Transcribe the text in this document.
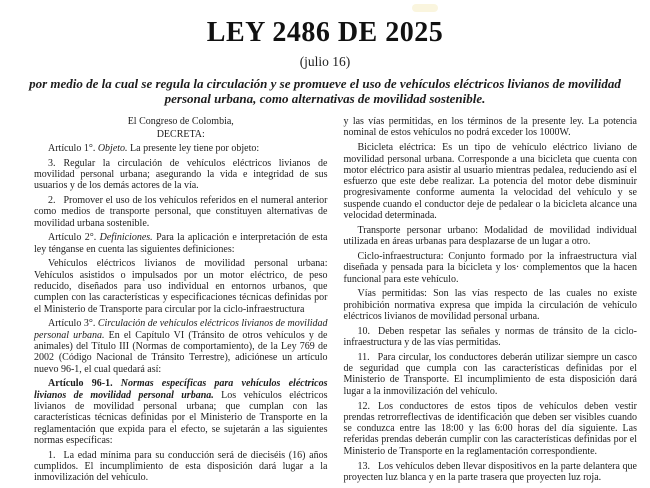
LEY 2486 DE 2025
(julio 16)
por medio de la cual se regula la circulación y se promueve el uso de vehículos eléctricos livianos de movilidad personal urbana, como alternativas de movilidad sostenible.

El Congreso de Colombia,

DECRETA:

Artículo 1°. Objeto. La presente ley tiene por objeto:

3. Regular la circulación de vehículos eléctricos livianos de movilidad personal urbana; asegurando la vida e integridad de sus usuarios y de los demás actores de la vía.

2. Promover el uso de los vehículos referidos en el numeral anterior como medios de transporte personal, que constituyen alternativas de movilidad urbana sostenible.

Artículo 2°. Definiciones. Para la aplicación e interpretación de esta ley ténganse en cuenta las siguientes definiciones:

Vehículos eléctricos livianos de movilidad personal urbana: Vehículos asistidos o impulsados por un motor eléctrico, de peso reducido, diseñados para uso individual en entornos urbanos, que cumplen con las características y especificaciones técnicas definidas por el Ministerio de Transporte para circular por la ciclo-infraestructura

Artículo 3°. Circulación de vehículos eléctricos livianos de movilidad personal urbana. En el Capítulo VI (Tránsito de otros vehículos y de animales) del Título III (Normas de comportamiento), de la Ley 769 de 2002 (Código Nacional de Tránsito Terrestre), adiciónese un artículo nuevo 96-1, el cual quedará así:

Artículo 96-1. Normas específicas para vehículos eléctricos livianos de movilidad personal urbana. Los vehículos eléctricos livianos de movilidad personal urbana; que cumplan con las características técnicas definidas por el Ministerio de Transporte en la reglamentación que expida para el efecto, se sujetarán a las siguientes normas específicas:

1. La edad mínima para su conducción será de dieciséis (16) años cumplidos. El incumplimiento de esta disposición dará lugar a la inmovilización del vehículo.

y las vías permitidas, en los términos de la presente ley. La potencia nominal de estos vehículos no podrá exceder los 1000W.

Bicicleta eléctrica: Es un tipo de vehículo eléctrico liviano de movilidad personal urbana. Corresponde a una bicicleta que cuenta con motor eléctrico para asistir al usuario mientras pedalea, reduciendo así el esfuerzo que este debe realizar. La potencia del motor debe disminuir progresivamente conforme aumenta la velocidad del vehículo y se suspende cuando el conductor deje de pedalear o la bicicleta alcance una velocidad determinada.

Transporte personar urbano: Modalidad de movilidad individual utilizada en áreas urbanas para desplazarse de un lugar a otro.

Ciclo-infraestructura: Conjunto formado por la infraestructura vial diseñada y pensada para la bicicleta y los· complementos que la hacen funcional para este vehículo.

Vías permitidas: Son las vías respecto de las cuales no existe prohibición normativa expresa que impida la circulación de vehículo eléctricos livianos de movilidad personal urbana.

10. Deben respetar las señales y normas de tránsito de la ciclo-infraestructura y de las vías permitidas.

11. Para circular, los conductores deberán utilizar siempre un casco de seguridad que cumpla con las características definidas por el Ministerio de Transporte. El incumplimiento de esta disposición dará lugar a la inmovilización del vehículo.

12. Los conductores de estos tipos de vehículos deben vestir prendas retrorreflectivas de identificación que deben ser visibles cuando se conduzca entre las 18:00 y las 6:00 horas del día siguiente. Las referidas prendas deberán cumplir con las características definidas por el Ministerio de Transporte en la reglamentación correspondiente.

13. Los vehículos deben llevar dispositivos en la parte delantera que proyecten luz blanca y en la parte trasera que proyecten luz roja.
